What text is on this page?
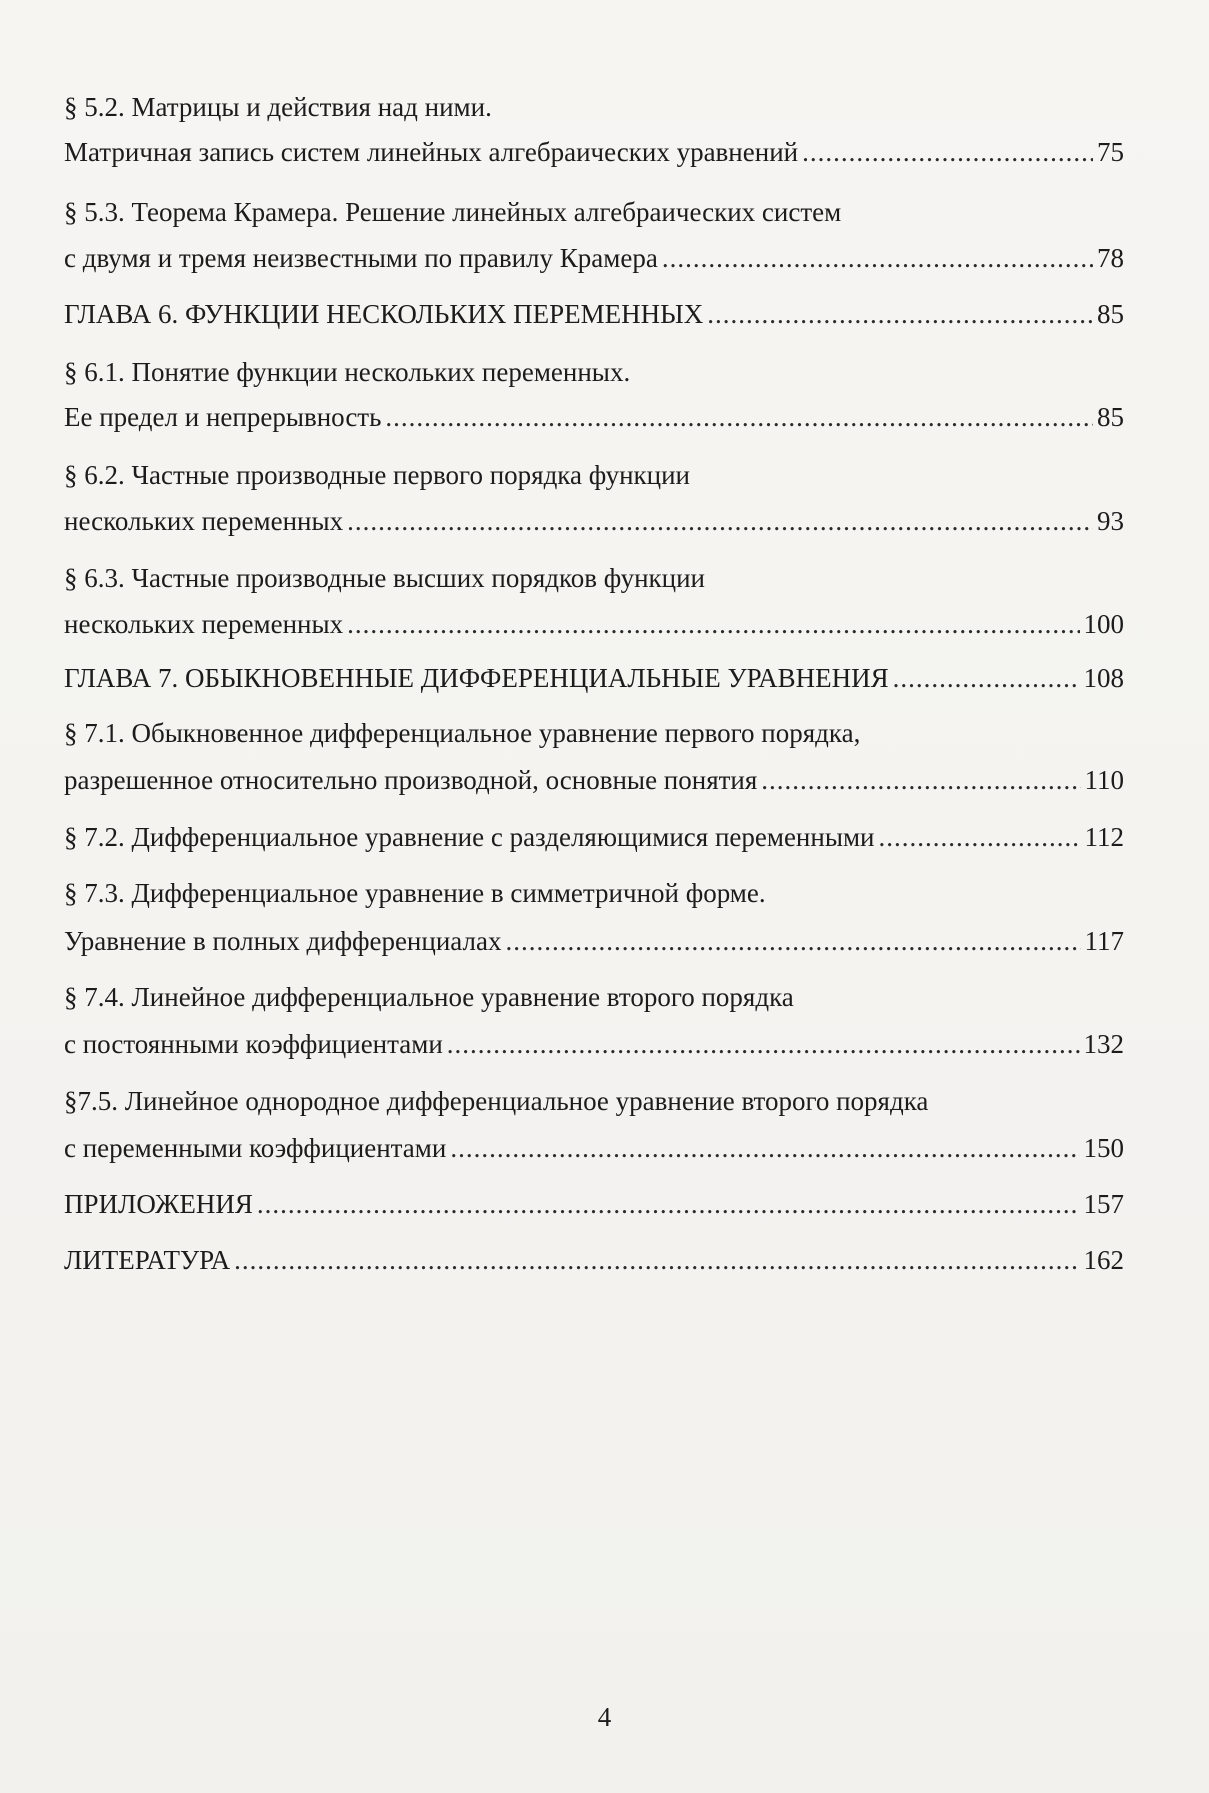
§ 5.2. Матрицы и действия над ними.
Матричная запись систем линейных алгебраических уравнений .....	75
§ 5.3. Теорема Крамера. Решение линейных алгебраических систем
с двумя и тремя неизвестными по правилу Крамера .....	78
ГЛАВА 6. ФУНКЦИИ НЕСКОЛЬКИХ ПЕРЕМЕННЫХ .....	85
§ 6.1. Понятие функции нескольких переменных.
Ее предел и непрерывность .....	85
§ 6.2. Частные производные первого порядка функции
нескольких переменных .....	93
§ 6.3. Частные производные высших порядков функции
нескольких переменных .....	100
ГЛАВА 7. ОБЫКНОВЕННЫЕ ДИФФЕРЕНЦИАЛЬНЫЕ УРАВНЕНИЯ .....	108
§ 7.1. Обыкновенное дифференциальное уравнение первого порядка,
разрешенное относительно производной, основные понятия .....	110
§ 7.2. Дифференциальное уравнение с разделяющимися переменными .....	112
§ 7.3. Дифференциальное уравнение в симметричной форме.
Уравнение в полных дифференциалах .....	117
§ 7.4. Линейное дифференциальное уравнение второго порядка
с постоянными коэффициентами .....	132
§7.5. Линейное однородное дифференциальное уравнение второго порядка
с переменными коэффициентами .....	150
ПРИЛОЖЕНИЯ .....	157
ЛИТЕРАТУРА .....	162
4
